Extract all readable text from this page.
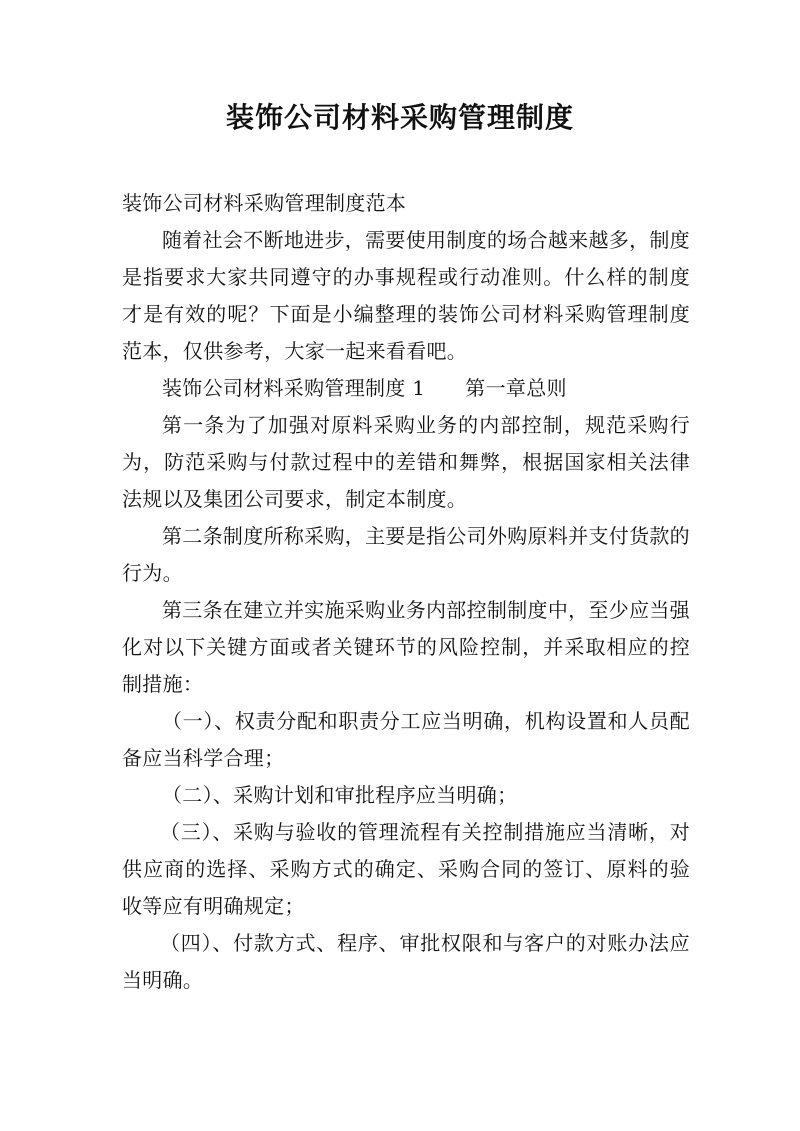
装饰公司材料采购管理制度

装饰公司材料采购管理制度范本

随着社会不断地进步，需要使用制度的场合越来越多，制度是指要求大家共同遵守的办事规程或行动准则。什么样的制度才是有效的呢？下面是小编整理的装饰公司材料采购管理制度范本，仅供参考，大家一起来看看吧。

装饰公司材料采购管理制度 1 第一章总则

第一条为了加强对原料采购业务的内部控制，规范采购行为，防范采购与付款过程中的差错和舞弊，根据国家相关法律法规以及集团公司要求，制定本制度。

第二条制度所称采购，主要是指公司外购原料并支付货款的行为。

第三条在建立并实施采购业务内部控制制度中，至少应当强化对以下关键方面或者关键环节的风险控制，并采取相应的控制措施：

（一）、权责分配和职责分工应当明确，机构设置和人员配备应当科学合理；

（二）、采购计划和审批程序应当明确；

（三）、采购与验收的管理流程有关控制措施应当清晰，对供应商的选择、采购方式的确定、采购合同的签订、原料的验收等应有明确规定；

（四）、付款方式、程序、审批权限和与客户的对账办法应当明确。
